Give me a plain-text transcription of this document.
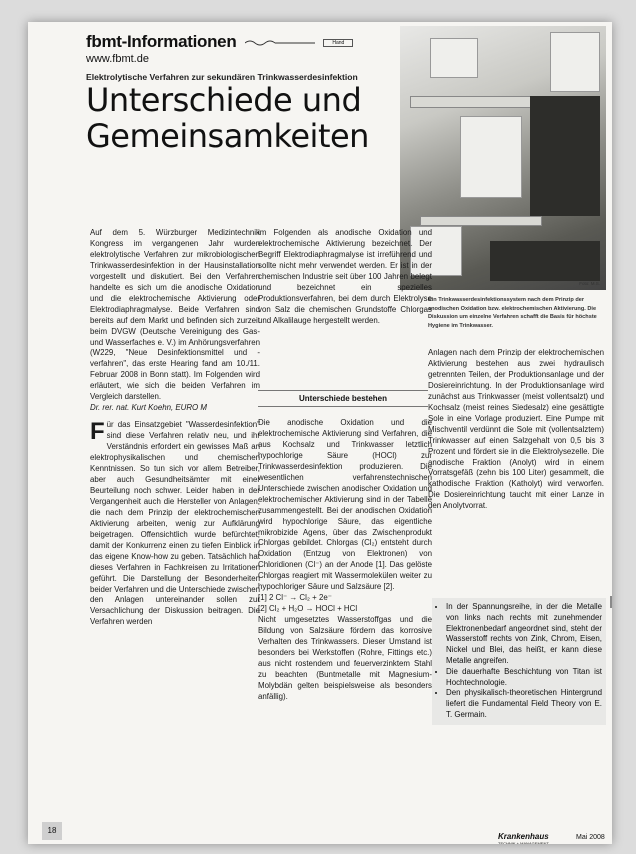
fbmt-Informationen	Hand
www.fbmt.de
Elektrolytische Verfahren zur sekundären Trinkwasserdesinfektion
Unterschiede und
Gemeinsamkeiten
Foto: M.S.
Ein Trinkwasserdesinfektionssystem nach dem Prinzip der anodischen Oxidation bzw. elektrochemischen Aktivierung. Die Diskussion um einzelne Verfahren schafft die Basis für höchste Hygiene im Trinkwasser.

Auf dem 5. Würzburger Medizintechnik Kongress im vergangenen Jahr wurden elektrolytische Verfahren zur mikrobiologischen Trinkwasserdesinfektion in der Hausinstallation vorgestellt und diskutiert. Bei den Verfahren handelte es sich um die anodische Oxidation und die elektrochemische Aktivierung oder Elektrodiaphragmalyse. Beide Verfahren sind bereits auf dem Markt und befinden sich zurzeit beim DVGW (Deutsche Vereinigung des Gas- und Wasserfaches e. V.) im Anhörungsverfahren (W229, "Neue Desinfektionsmittel und -verfahren", das erste Hearing fand am 10./11. Februar 2008 in Bonn statt). Im Folgenden wird erläutert, wie sich die beiden Verfahren im Vergleich darstellen.

Dr. rer. nat. Kurt Koehn, EURO M

Für das Einsatzgebiet "Wasserdesinfektion" sind diese Verfahren relativ neu, und ihr Verständnis erfordert ein gewisses Maß an elektrophysikalischen und chemischen Kenntnissen. So tun sich vor allem Betreiber, aber auch Gesundheitsämter mit einer Beurteilung noch schwer. Leider haben in der Vergangenheit auch die Hersteller von Anlagen, die nach dem Prinzip der elektrochemischen Aktivierung arbeiten, wenig zur Aufklärung beigetragen. Offensichtlich wurde befürchtet, damit der Konkurrenz einen zu tiefen Einblick in das eigene Know-how zu geben. Tatsächlich hat dieses Verfahren in Fachkreisen zu Irritationen geführt. Die Darstellung der Besonderheiten beider Verfahren und die Unterschiede zwischen den Anlagen untereinander sollen zur Versachlichung der Diskussion beitragen. Die Verfahren werden

im Folgenden als anodische Oxidation und elektrochemische Aktivierung bezeichnet. Der Begriff Elektrodiaphragmalyse ist irreführend und sollte nicht mehr verwendet werden. Er ist in der chemischen Industrie seit über 100 Jahren belegt und bezeichnet ein spezielles Produktionsverfahren, bei dem durch Elektrolyse von Salz die chemischen Grundstoffe Chlorgas und Alkalilauge hergestellt werden.

Unterschiede bestehen

Die anodische Oxidation und die elektrochemische Aktivierung sind Verfahren, die aus Kochsalz und Trinkwasser letztlich hypochlorige Säure (HOCl) zur Trinkwasserdesinfektion produzieren. Die wesentlichen verfahrenstechnischen Unterschiede zwischen anodischer Oxidation und elektrochemischer Aktivierung sind in der Tabelle zusammengestellt. Bei der anodischen Oxidation wird hypochlorige Säure, das eigentliche mikrobizide Agens, über das Zwischenprodukt Chlorgas gebildet. Chlorgas (Cl₂) entsteht durch Oxidation (Entzug von Elektronen) von Chloridionen (Cl⁻) an der Anode [1]. Das gelöste Chlorgas reagiert mit Wassermolekülen weiter zu hypochloriger Säure und Salzsäure [2].

[1] 2 Cl⁻ → Cl₂ + 2e⁻

[2] Cl₂ + H₂O → HOCl + HCl

Nicht umgesetztes Wasserstoffgas und die Bildung von Salzsäure fördern das korrosive Verhalten des Trinkwassers. Dieser Umstand ist besonders bei Werkstoffen (Rohre, Fittings etc.) aus nicht rostendem und feuerverzinktem Stahl zu beachten (Buntmetalle mit Magnesium-Molybdän gelten beispielsweise als besonders anfällig).

Anlagen nach dem Prinzip der elektrochemischen Aktivierung bestehen aus zwei hydraulisch getrennten Teilen, der Produktionsanlage und der Dosiereinrichtung. In der Produktionsanlage wird zunächst aus Trinkwasser (meist vollentsalzt) und Kochsalz (meist reines Siedesalz) eine gesättigte Sole in eine Vorlage produziert. Eine Pumpe mit Mischventil verdünnt die Sole mit (vollentsalztem) Trinkwasser auf einen Salzgehalt von 0,5 bis 3 Prozent und fördert sie in die Elektrolysezelle. Die anodische Fraktion (Anolyt) wird in einem Vorratsgefäß (zehn bis 100 Liter) gesammelt, die kathodische Fraktion (Katholyt) wird verworfen. Die Dosiereinrichtung taucht mit einer Lanze in den Anolytvorrat.

• In der Spannungsreihe, in der die Metalle von links nach rechts mit zunehmender Elektronenbedarf angeordnet sind, steht der Wasserstoff rechts von Zink, Chrom, Eisen, Nickel und Blei, das heißt, er kann diese Metalle angreifen.
• Die dauerhafte Beschichtung von Titan ist Hochtechnologie.
• Den physikalisch-theoretischen Hintergrund liefert die Fundamental Field Theory von E. T. Germain.
18
Krankenhaus
TECHNIK + MANAGEMENT
Mai 2008
